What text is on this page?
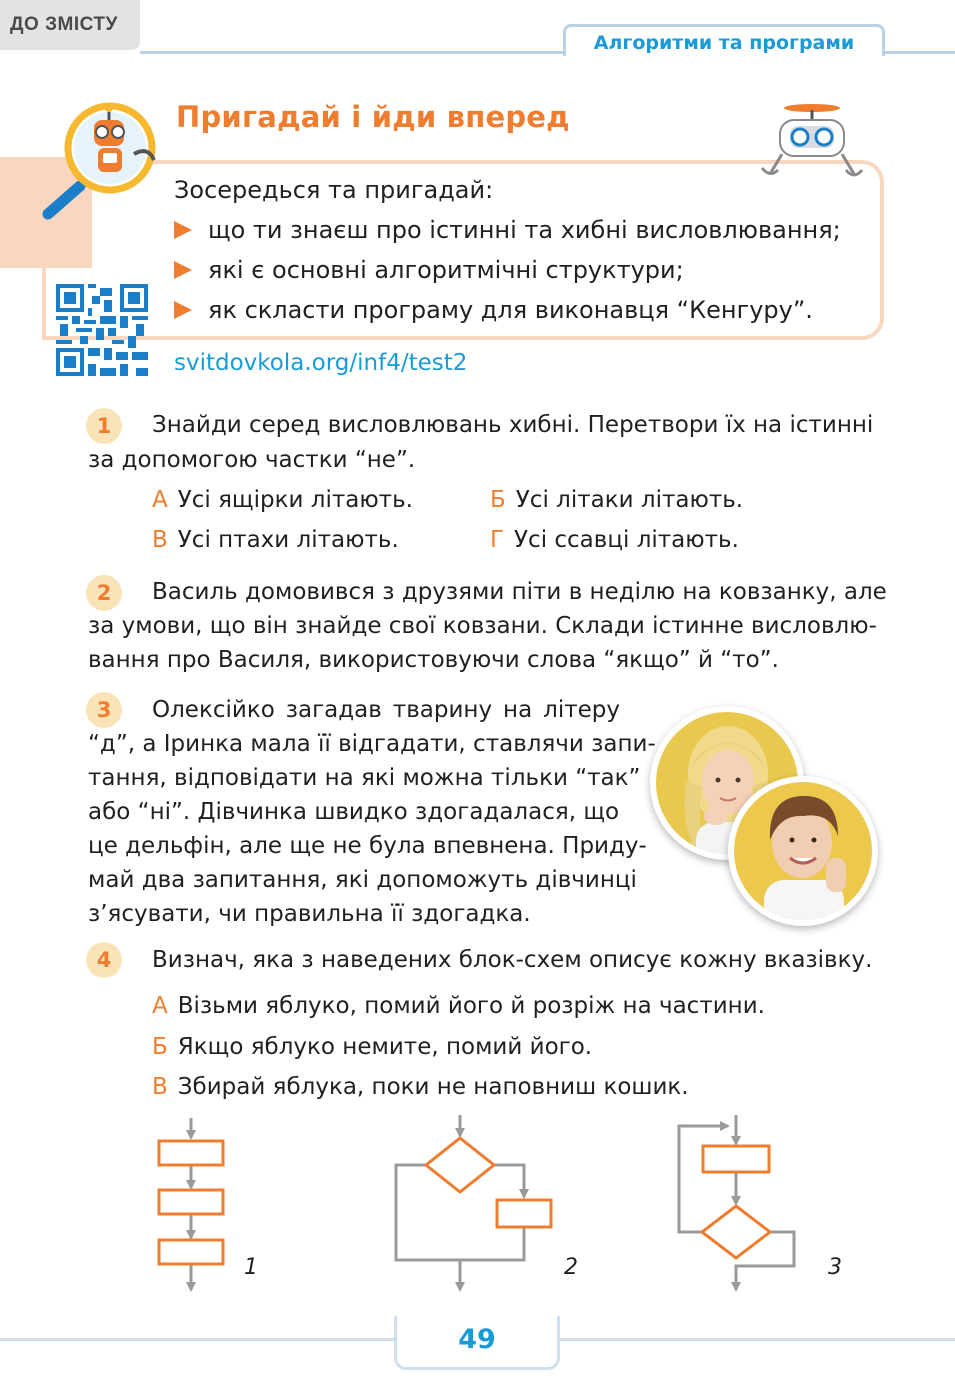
ДО ЗМІСТУ
Алгоритми та програми
Пригадай і йди вперед
Зосередься та пригадай:
що ти знаєш про істинні та хибні висловлювання;
які є основні алгоритмічні структури;
як скласти програму для виконавця “Кенгуру”.
svitdovkola.org/inf4/test2
1	Знайди серед висловлювань хибні. Перетвори їх на істинні
за допомогою частки “не”.
А Усі ящірки літають.	Б Усі літаки літають.
В Усі птахи літають.	Г Усі ссавці літають.
2	Василь домовився з друзями піти в неділю на ковзанку, але
за умови, що він знайде свої ковзани. Склади істинне висловлю-
вання про Василя, використовуючи слова “якщо” й “то”.
3	Олексійко загадав тварину на літеру
“д”, а Іринка мала її відгадати, ставлячи запи-
тання, відповідати на які можна тільки “так”
або “ні”. Дівчинка швидко здогадалася, що
це дельфін, але ще не була впевнена. Приду-
май два запитання, які допоможуть дівчинці
з’ясувати, чи правильна її здогадка.
4	Визнач, яка з наведених блок-схем описує кожну вказівку.
А Візьми яблуко, помий його й розріж на частини.
Б Якщо яблуко немите, помий його.
В Збирай яблука, поки не наповниш кошик.
1	2	3
49
